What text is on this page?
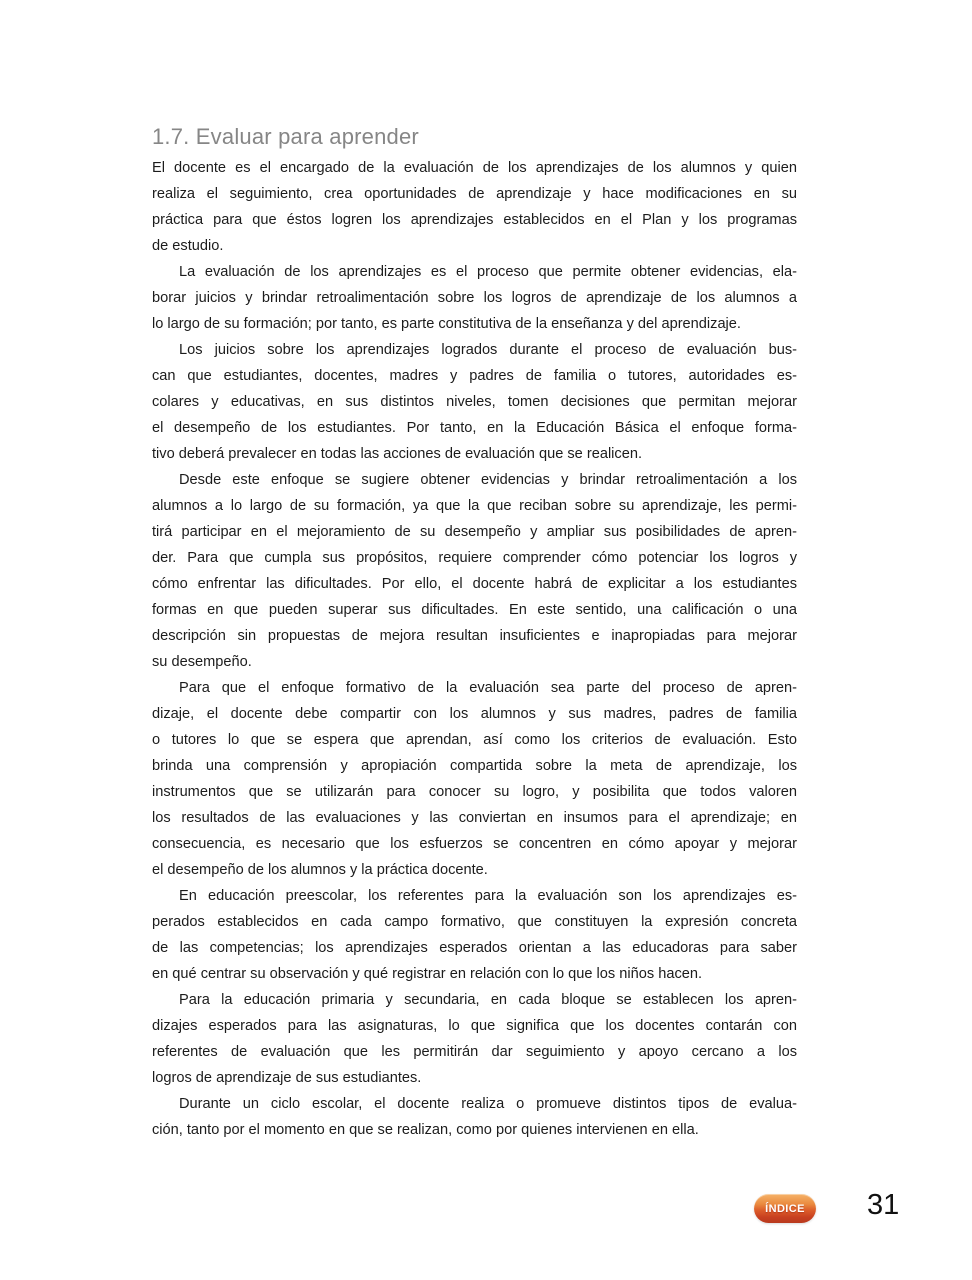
1.7. Evaluar para aprender
El docente es el encargado de la evaluación de los aprendizajes de los alumnos y quien
realiza el seguimiento, crea oportunidades de aprendizaje y hace modificaciones en su
práctica para que éstos logren los aprendizajes establecidos en el Plan y los programas
de estudio.
La evaluación de los aprendizajes es el proceso que permite obtener evidencias, ela-
borar juicios y brindar retroalimentación sobre los logros de aprendizaje de los alumnos a
lo largo de su formación; por tanto, es parte constitutiva de la enseñanza y del aprendizaje.
Los juicios sobre los aprendizajes logrados durante el proceso de evaluación bus-
can que estudiantes, docentes, madres y padres de familia o tutores, autoridades es-
colares y educativas, en sus distintos niveles, tomen decisiones que permitan mejorar
el desempeño de los estudiantes. Por tanto, en la Educación Básica el enfoque forma-
tivo deberá prevalecer en todas las acciones de evaluación que se realicen.
Desde este enfoque se sugiere obtener evidencias y brindar retroalimentación a los
alumnos a lo largo de su formación, ya que la que reciban sobre su aprendizaje, les permi-
tirá participar en el mejoramiento de su desempeño y ampliar sus posibilidades de apren-
der. Para que cumpla sus propósitos, requiere comprender cómo potenciar los logros y
cómo enfrentar las dificultades. Por ello, el docente habrá de explicitar a los estudiantes
formas en que pueden superar sus dificultades. En este sentido, una calificación o una
descripción sin propuestas de mejora resultan insuficientes e inapropiadas para mejorar
su desempeño.
Para que el enfoque formativo de la evaluación sea parte del proceso de apren-
dizaje, el docente debe compartir con los alumnos y sus madres, padres de familia
o tutores lo que se espera que aprendan, así como los criterios de evaluación. Esto
brinda una comprensión y apropiación compartida sobre la meta de aprendizaje, los
instrumentos que se utilizarán para conocer su logro, y posibilita que todos valoren
los resultados de las evaluaciones y las conviertan en insumos para el aprendizaje; en
consecuencia, es necesario que los esfuerzos se concentren en cómo apoyar y mejorar
el desempeño de los alumnos y la práctica docente.
En educación preescolar, los referentes para la evaluación son los aprendizajes es-
perados establecidos en cada campo formativo, que constituyen la expresión concreta
de las competencias; los aprendizajes esperados orientan a las educadoras para saber
en qué centrar su observación y qué registrar en relación con lo que los niños hacen.
Para la educación primaria y secundaria, en cada bloque se establecen los apren-
dizajes esperados para las asignaturas, lo que significa que los docentes contarán con
referentes de evaluación que les permitirán dar seguimiento y apoyo cercano a los
logros de aprendizaje de sus estudiantes.
Durante un ciclo escolar, el docente realiza o promueve distintos tipos de evalua-
ción, tanto por el momento en que se realizan, como por quienes intervienen en ella.
ÍNDICE	31
